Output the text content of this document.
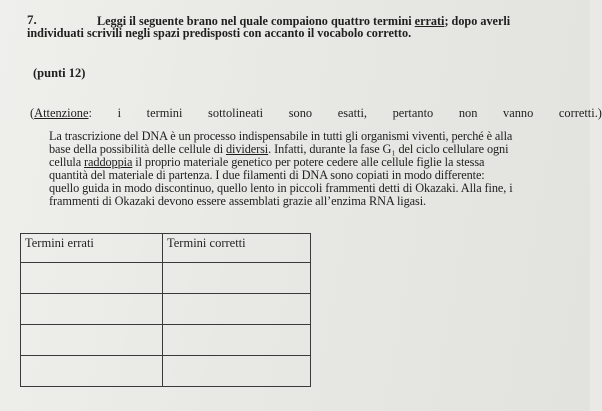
7.	Leggi il seguente brano nel quale compaiono quattro termini errati; dopo averli
individuati scrivili negli spazi predisposti con accanto il vocabolo corretto.
(punti 12)
(Attenzione: i termini sottolineati sono esatti, pertanto non vanno corretti.)
La trascrizione del DNA è un processo indispensabile in tutti gli organismi viventi, perché è alla
base della possibilità delle cellule di dividersi. Infatti, durante la fase G₁ del ciclo cellulare ogni
cellula raddoppia il proprio materiale genetico per potere cedere alle cellule figlie la stessa
quantità del materiale di partenza. I due filamenti di DNA sono copiati in modo differente:
quello guida in modo discontinuo, quello lento in piccoli frammenti detti di Okazaki. Alla fine, i
frammenti di Okazaki devono essere assemblati grazie all’enzima RNA ligasi.
Termini errati	Termini corretti
